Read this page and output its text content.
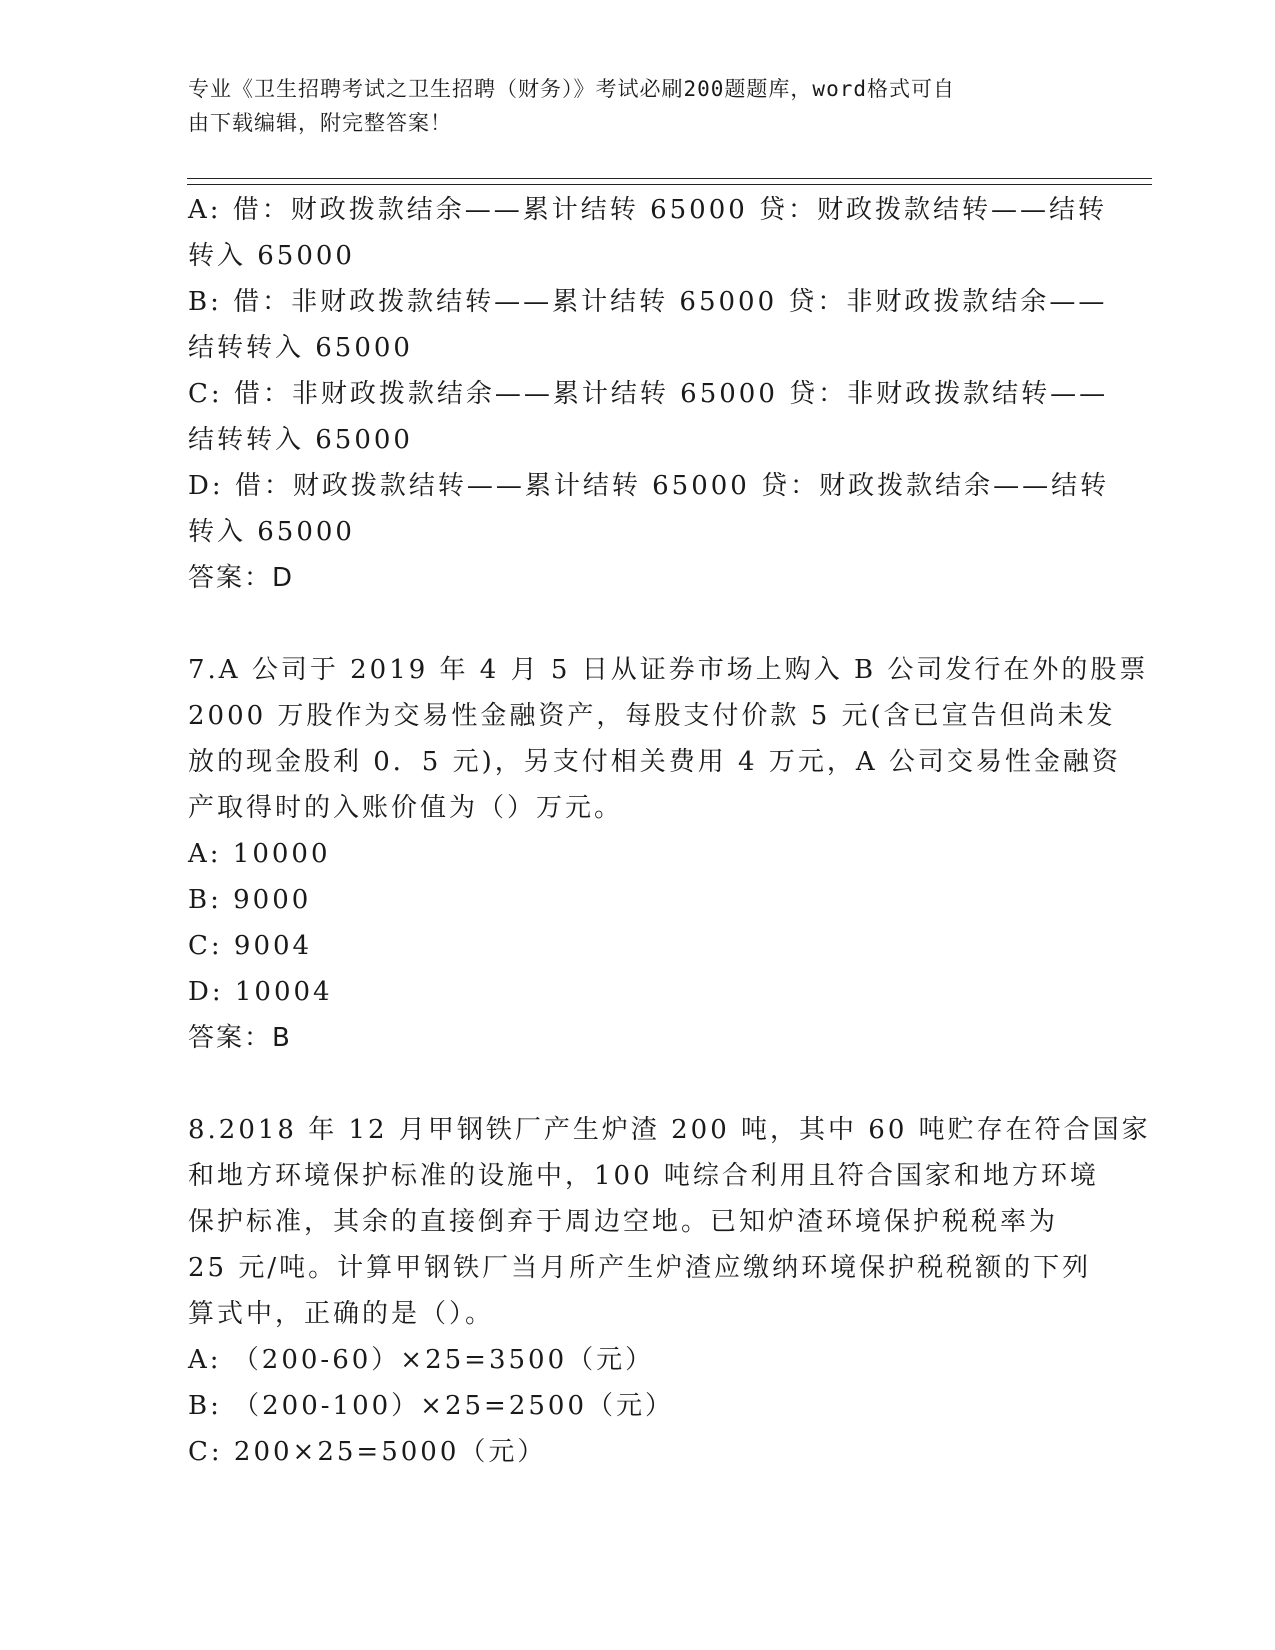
专业《卫生招聘考试之卫生招聘（财务）》考试必刷200题题库，word格式可自
由下载编辑，附完整答案！
A: 借：财政拨款结余——累计结转 65000 贷：财政拨款结转——结转
转入 65000
B: 借：非财政拨款结转——累计结转 65000 贷：非财政拨款结余——
结转转入 65000
C: 借：非财政拨款结余——累计结转 65000 贷：非财政拨款结转——
结转转入 65000
D: 借：财政拨款结转——累计结转 65000 贷：财政拨款结余——结转
转入 65000
答案：D
7.A 公司于 2019 年 4 月 5 日从证券市场上购入 B 公司发行在外的股票
2000 万股作为交易性金融资产，每股支付价款 5 元(含已宣告但尚未发
放的现金股利 0．5 元)，另支付相关费用 4 万元，A 公司交易性金融资
产取得时的入账价值为（）万元。
A: 10000
B: 9000
C: 9004
D: 10004
答案：B
8.2018 年 12 月甲钢铁厂产生炉渣 200 吨，其中 60 吨贮存在符合国家
和地方环境保护标准的设施中，100 吨综合利用且符合国家和地方环境
保护标准，其余的直接倒弃于周边空地。已知炉渣环境保护税税率为
25 元/吨。计算甲钢铁厂当月所产生炉渣应缴纳环境保护税税额的下列
算式中，正确的是（）。
A: （200-60）×25=3500（元）
B: （200-100）×25=2500（元）
C: 200×25=5000（元）
